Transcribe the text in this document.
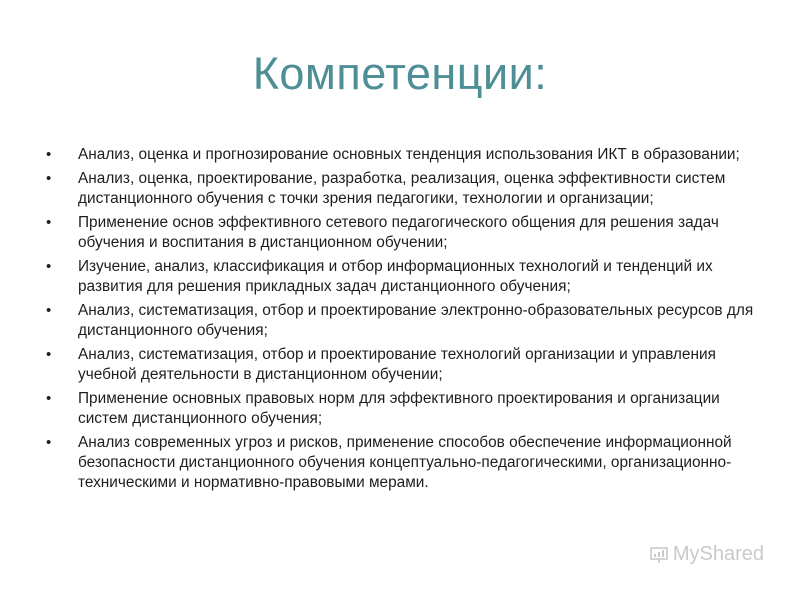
Компетенции:
•	Анализ, оценка и прогнозирование основных тенденция использования ИКТ в образовании;
•	Анализ, оценка, проектирование, разработка, реализация, оценка эффективности систем дистанционного обучения с точки зрения педагогики, технологии и организации;
•	Применение основ эффективного сетевого педагогического общения для решения задач обучения и воспитания в дистанционном обучении;
•	Изучение, анализ, классификация и отбор информационных технологий и тенденций их развития для решения прикладных задач дистанционного обучения;
•	Анализ, систематизация, отбор и проектирование электронно-образовательных ресурсов для дистанционного обучения;
•	Анализ, систематизация, отбор и проектирование технологий организации и управления учебной деятельности в дистанционном обучении;
•	Применение основных правовых норм для эффективного проектирования и организации систем дистанционного обучения;
•	Анализ современных угроз и рисков, применение способов обеспечение информационной безопасности дистанционного обучения концептуально-педагогическими, организационно-техническими и нормативно-правовыми мерами.
MyShared
